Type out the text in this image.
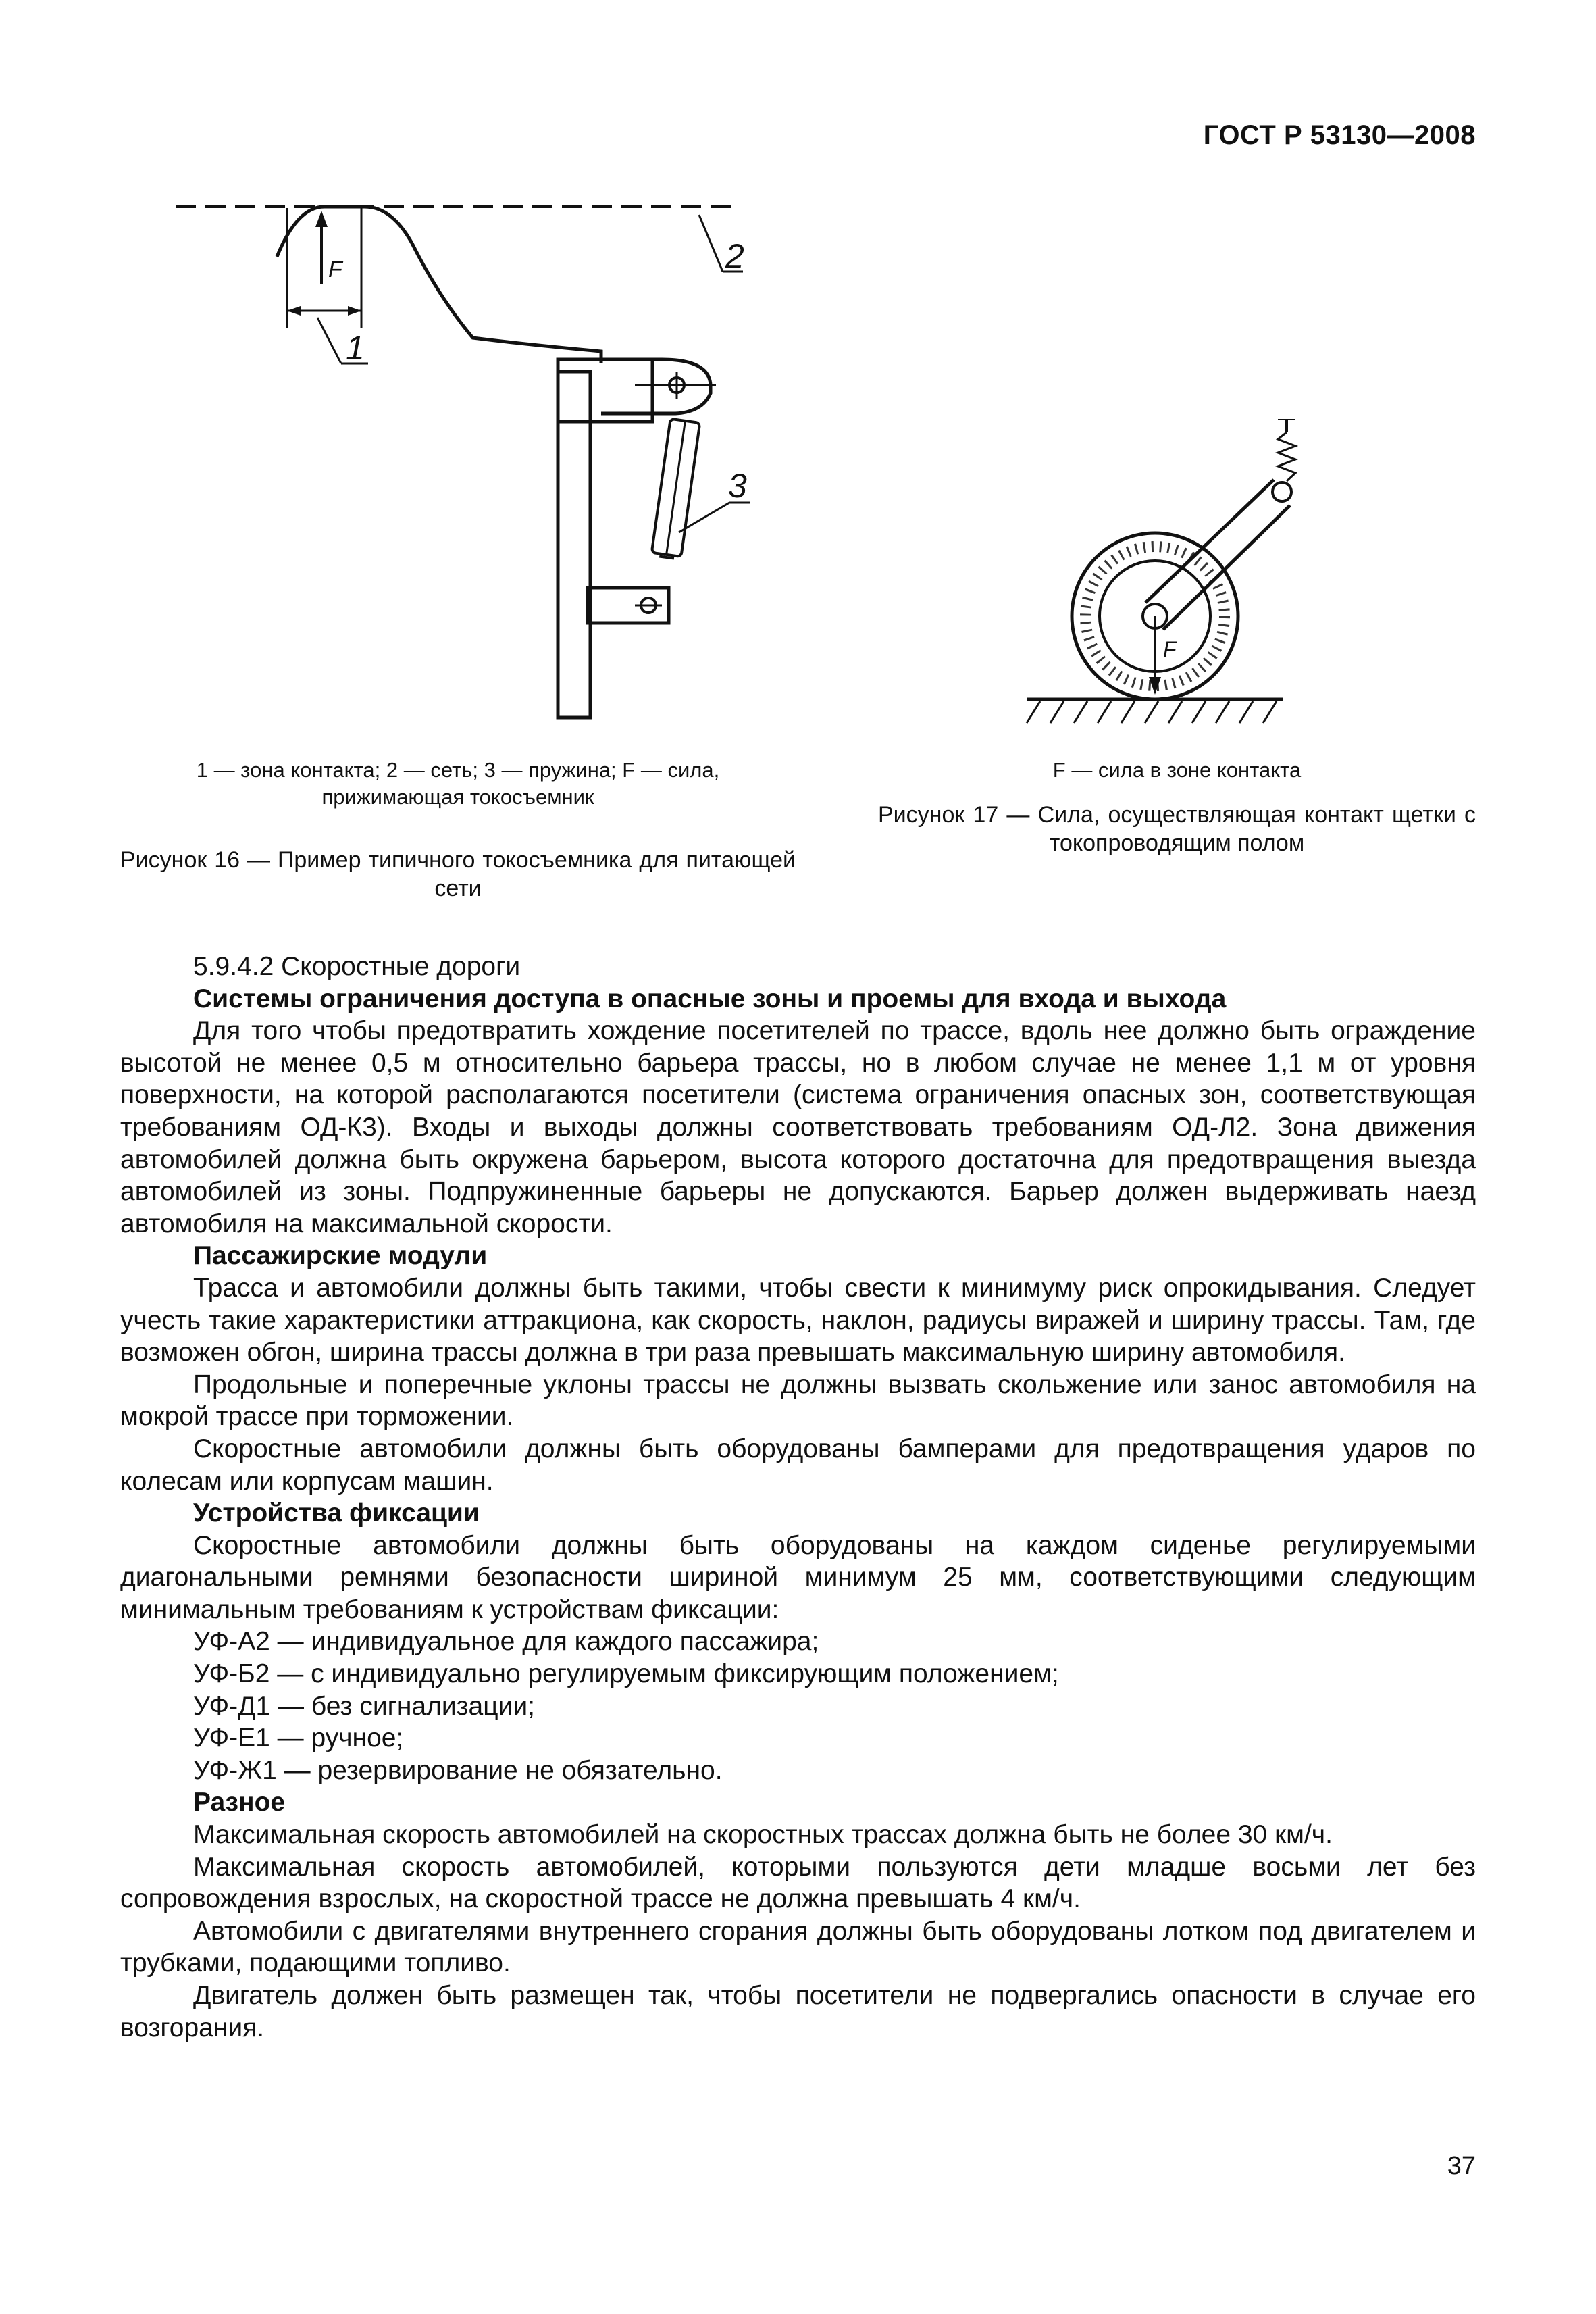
ГОСТ Р 53130—2008
F
1
2
3
F
1 — зона контакта; 2 — сеть; 3 — пружина; F — сила,
прижимающая токосъемник
Рисунок 16 — Пример типичного токосъемника для питающей сети
F — сила в зоне контакта
Рисунок 17 — Сила, осуществляющая контакт щетки с токопроводящим полом

5.9.4.2 Скоростные дороги

Системы ограничения доступа в опасные зоны и проемы для входа и выхода

Для того чтобы предотвратить хождение посетителей по трассе, вдоль нее должно быть ограждение высотой не менее 0,5 м относительно барьера трассы, но в любом случае не менее 1,1 м от уровня поверхности, на которой располагаются посетители (система ограничения опасных зон, соответствующая требованиям ОД-К3). Входы и выходы должны соответствовать требованиям ОД-Л2. Зона движения автомобилей должна быть окружена барьером, высота которого достаточна для предотвращения выезда автомобилей из зоны. Подпружиненные барьеры не допускаются. Барьер должен выдерживать наезд автомобиля на максимальной скорости.

Пассажирские модули

Трасса и автомобили должны быть такими, чтобы свести к минимуму риск опрокидывания. Следует учесть такие характеристики аттракциона, как скорость, наклон, радиусы виражей и ширину трассы. Там, где возможен обгон, ширина трассы должна в три раза превышать максимальную ширину автомобиля.

Продольные и поперечные уклоны трассы не должны вызвать скольжение или занос автомобиля на мокрой трассе при торможении.

Скоростные автомобили должны быть оборудованы бамперами для предотвращения ударов по колесам или корпусам машин.

Устройства фиксации

Скоростные автомобили должны быть оборудованы на каждом сиденье регулируемыми диагональными ремнями безопасности шириной минимум 25 мм, соответствующими следующим минимальным требованиям к устройствам фиксации:

УФ-А2 — индивидуальное для каждого пассажира;

УФ-Б2 — с индивидуально регулируемым фиксирующим положением;

УФ-Д1 — без сигнализации;

УФ-Е1 — ручное;

УФ-Ж1 — резервирование не обязательно.

Разное

Максимальная скорость автомобилей на скоростных трассах должна быть не более 30 км/ч.

Максимальная скорость автомобилей, которыми пользуются дети младше восьми лет без сопровождения взрослых, на скоростной трассе не должна превышать 4 км/ч.

Автомобили с двигателями внутреннего сгорания должны быть оборудованы лотком под двигателем и трубками, подающими топливо.

Двигатель должен быть размещен так, чтобы посетители не подвергались опасности в случае его возгорания.

37
